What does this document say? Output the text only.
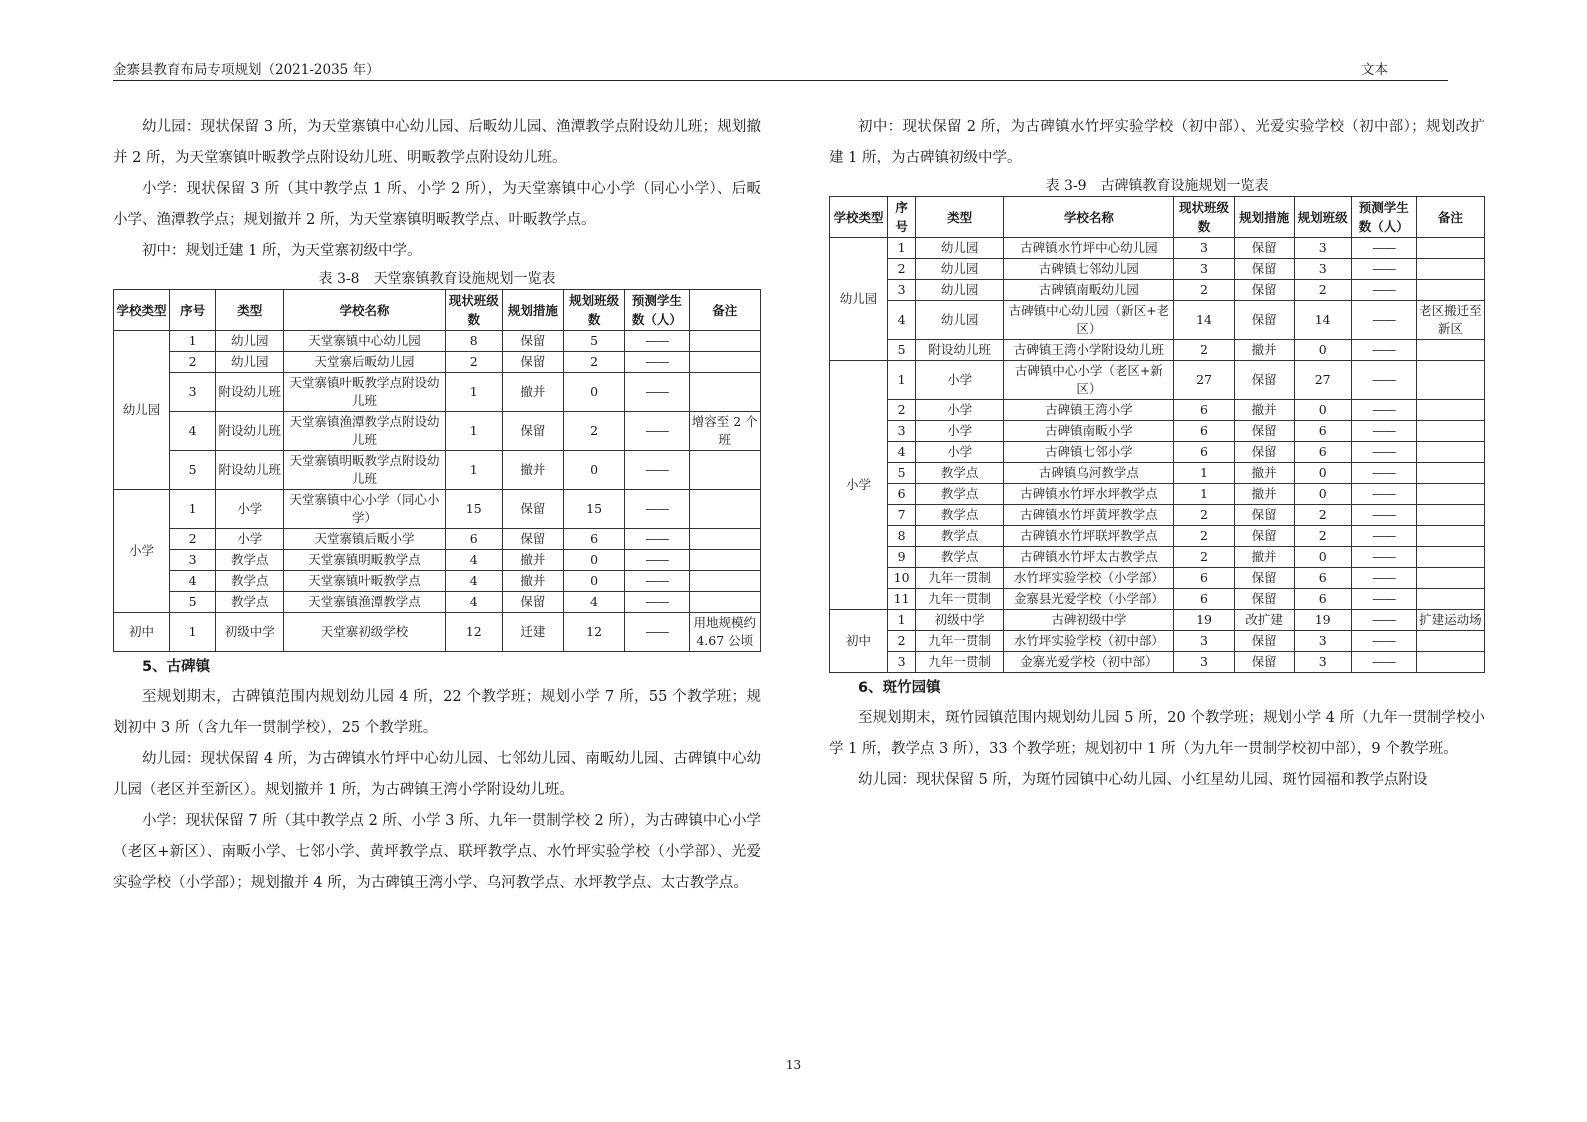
金寨县教育布局专项规划（2021-2035 年）	文本

幼儿园：现状保留 3 所，为天堂寨镇中心幼儿园、后畈幼儿园、渔潭教学点附设幼儿班；规划撤并 2 所，为天堂寨镇叶畈教学点附设幼儿班、明畈教学点附设幼儿班。

小学：现状保留 3 所（其中教学点 1 所、小学 2 所），为天堂寨镇中心小学（同心小学）、后畈小学、渔潭教学点；规划撤并 2 所，为天堂寨镇明畈教学点、叶畈教学点。

初中：规划迁建 1 所，为天堂寨初级中学。

表 3-8　天堂寨镇教育设施规划一览表
学校类型	序号	类型	学校名称	现状班级数	规划措施	规划班级数	预测学生数（人）	备注
幼儿园	1	幼儿园	天堂寨镇中心幼儿园	8	保留	5	——	
	2	幼儿园	天堂寨后畈幼儿园	2	保留	2	——	
	3	附设幼儿班	天堂寨镇叶畈教学点附设幼儿班	1	撤并	0	——	
	4	附设幼儿班	天堂寨镇渔潭教学点附设幼儿班	1	保留	2	——	增容至 2 个班
	5	附设幼儿班	天堂寨镇明畈教学点附设幼儿班	1	撤并	0	——	
小学	1	小学	天堂寨镇中心小学（同心小学）	15	保留	15	——	
	2	小学	天堂寨镇后畈小学	6	保留	6	——	
	3	教学点	天堂寨镇明畈教学点	4	撤并	0	——	
	4	教学点	天堂寨镇叶畈教学点	4	撤并	0	——	
	5	教学点	天堂寨镇渔潭教学点	4	保留	4	——	
初中	1	初级中学	天堂寨初级学校	12	迁建	12	——	用地规模约 4.67 公顷
5、古碑镇

至规划期末，古碑镇范围内规划幼儿园 4 所，22 个教学班；规划小学 7 所，55 个教学班；规划初中 3 所（含九年一贯制学校），25 个教学班。

幼儿园：现状保留 4 所，为古碑镇水竹坪中心幼儿园、七邻幼儿园、南畈幼儿园、古碑镇中心幼儿园（老区并至新区）。规划撤并 1 所，为古碑镇王湾小学附设幼儿班。

小学：现状保留 7 所（其中教学点 2 所、小学 3 所、九年一贯制学校 2 所），为古碑镇中心小学（老区+新区）、南畈小学、七邻小学、黄坪教学点、联坪教学点、水竹坪实验学校（小学部）、光爱实验学校（小学部）；规划撤并 4 所，为古碑镇王湾小学、乌河教学点、水坪教学点、太古教学点。

初中：现状保留 2 所，为古碑镇水竹坪实验学校（初中部）、光爱实验学校（初中部）；规划改扩建 1 所，为古碑镇初级中学。

表 3-9　古碑镇教育设施规划一览表
学校类型	序号	类型	学校名称	现状班级数	规划措施	规划班级	预测学生数（人）	备注
幼儿园	1	幼儿园	古碑镇水竹坪中心幼儿园	3	保留	3	——	
	2	幼儿园	古碑镇七邻幼儿园	3	保留	3	——	
	3	幼儿园	古碑镇南畈幼儿园	2	保留	2	——	
	4	幼儿园	古碑镇中心幼儿园（新区+老区）	14	保留	14	——	老区搬迁至新区
	5	附设幼儿班	古碑镇王湾小学附设幼儿班	2	撤并	0	——	
小学	1	小学	古碑镇中心小学（老区+新区）	27	保留	27	——	
	2	小学	古碑镇王湾小学	6	撤并	0	——	
	3	小学	古碑镇南畈小学	6	保留	6	——	
	4	小学	古碑镇七邻小学	6	保留	6	——	
	5	教学点	古碑镇乌河教学点	1	撤并	0	——	
	6	教学点	古碑镇水竹坪水坪教学点	1	撤并	0	——	
	7	教学点	古碑镇水竹坪黄坪教学点	2	保留	2	——	
	8	教学点	古碑镇水竹坪联坪教学点	2	保留	2	——	
	9	教学点	古碑镇水竹坪太古教学点	2	撤并	0	——	
	10	九年一贯制	水竹坪实验学校（小学部）	6	保留	6	——	
	11	九年一贯制	金寨县光爱学校（小学部）	6	保留	6	——	
初中	1	初级中学	古碑初级中学	19	改扩建	19	——	扩建运动场
	2	九年一贯制	水竹坪实验学校（初中部）	3	保留	3	——	
	3	九年一贯制	金寨光爱学校（初中部）	3	保留	3	——	
6、斑竹园镇

至规划期末，斑竹园镇范围内规划幼儿园 5 所，20 个教学班；规划小学 4 所（九年一贯制学校小学 1 所，教学点 3 所），33 个教学班；规划初中 1 所（为九年一贯制学校初中部），9 个教学班。

幼儿园：现状保留 5 所，为斑竹园镇中心幼儿园、小红星幼儿园、斑竹园福和教学点附设

13
